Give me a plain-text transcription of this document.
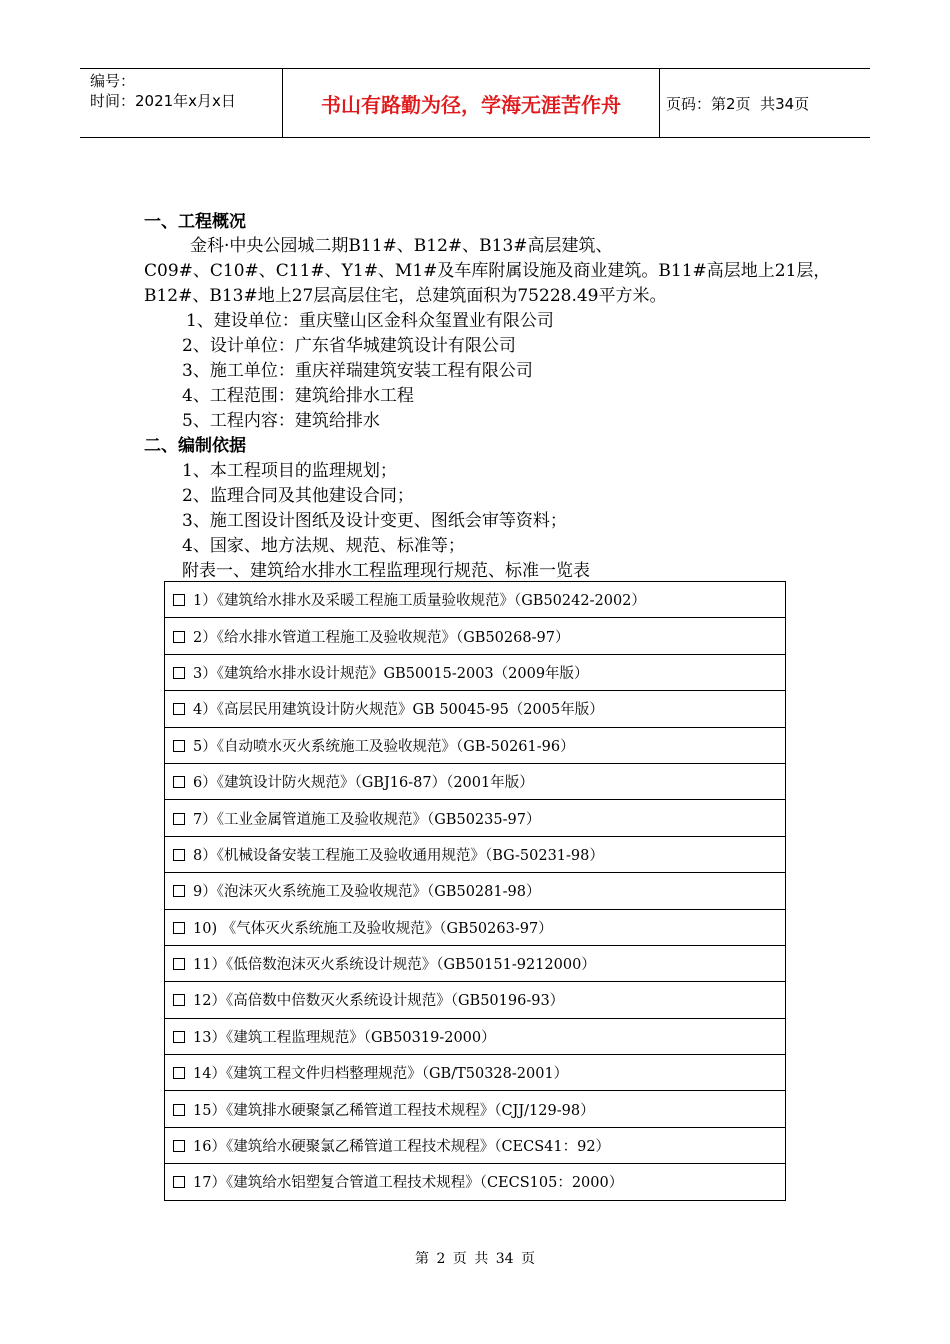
编号：
时间：2021年x月x日	书山有路勤为径，学海无涯苦作舟	页码：第2页  共34页
一、工程概况
金科·中央公园城二期B11#、B12#、B13#高层建筑、
C09#、C10#、C11#、Y1#、M1#及车库附属设施及商业建筑。B11#高层地上21层，
B12#、B13#地上27层高层住宅，总建筑面积为75228.49平方米。
1、建设单位：重庆璧山区金科众玺置业有限公司
2、设计单位：广东省华城建筑设计有限公司
3、施工单位：重庆祥瑞建筑安装工程有限公司
4、工程范围：建筑给排水工程
5、工程内容：建筑给排水
二、编制依据
1、本工程项目的监理规划；
2、监理合同及其他建设合同；
3、施工图设计图纸及设计变更、图纸会审等资料；
4、国家、地方法规、规范、标准等；
附表一、建筑给水排水工程监理现行规范、标准一览表
1）《建筑给水排水及采暖工程施工质量验收规范》（GB50242-2002）
2）《给水排水管道工程施工及验收规范》（GB50268-97）
3）《建筑给水排水设计规范》GB50015-2003（2009年版）
4）《高层民用建筑设计防火规范》GB 50045-95（2005年版）
5）《自动喷水灭火系统施工及验收规范》（GB-50261-96）
6）《建筑设计防火规范》（GBJ16-87）（2001年版）
7）《工业金属管道施工及验收规范》（GB50235-97）
8）《机械设备安装工程施工及验收通用规范》（BG-50231-98）
9）《泡沫灭火系统施工及验收规范》（GB50281-98）
10) 《气体灭火系统施工及验收规范》（GB50263-97）
11）《低倍数泡沫灭火系统设计规范》（GB50151-9212000）
12）《高倍数中倍数灭火系统设计规范》（GB50196-93）
13）《建筑工程监理规范》（GB50319-2000）
14）《建筑工程文件归档整理规范》（GB/T50328-2001）
15）《建筑排水硬聚氯乙稀管道工程技术规程》（CJJ/129-98）
16）《建筑给水硬聚氯乙稀管道工程技术规程》（CECS41：92）
17）《建筑给水铝塑复合管道工程技术规程》（CECS105：2000）
第 2 页 共 34 页
